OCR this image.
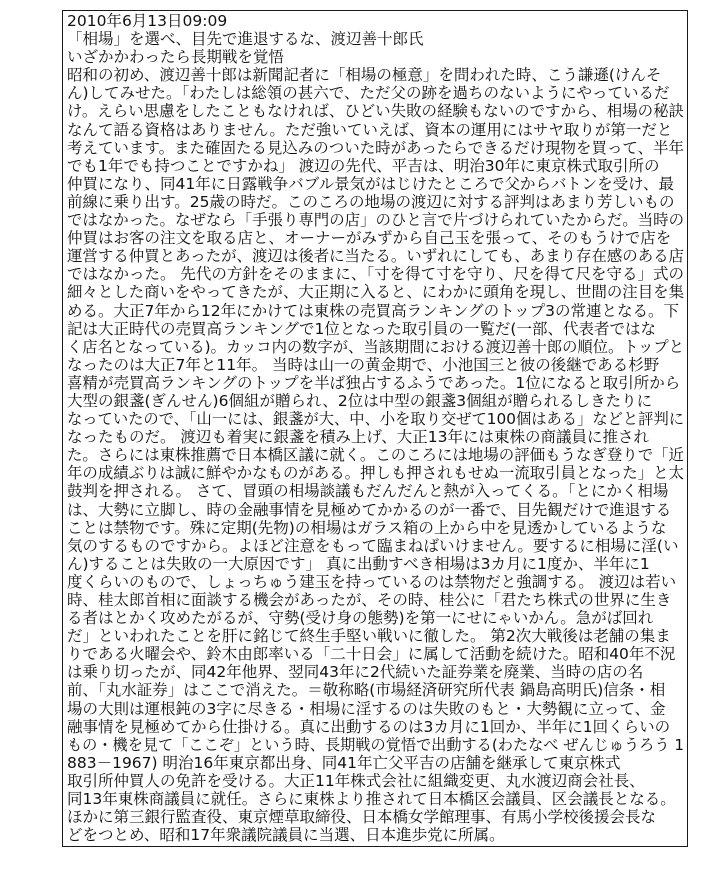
2010年6月13日09:09
「相場」を選べ、目先で進退するな、渡辺善十郎氏
いざかかわったら長期戦を覚悟
昭和の初め、渡辺善十郎は新聞記者に「相場の極意」を問われた時、こう謙遜(けんそ
ん)してみせた。「わたしは総領の甚六で、ただ父の跡を過ちのないようにやっているだ
け。えらい思慮をしたこともなければ、ひどい失敗の経験もないのですから、相場の秘訣
なんて語る資格はありません。ただ強いていえば、資本の運用にはサヤ取りが第一だと
考えています。また確固たる見込みのついた時があったらできるだけ現物を買って、半年
でも1年でも持つことですかね」 渡辺の先代、平吉は、明治30年に東京株式取引所の
仲買になり、同41年に日露戦争バブル景気がはじけたところで父からバトンを受け、最
前線に乗り出す。25歳の時だ。このころの地場の渡辺に対する評判はあまり芳しいもの
ではなかった。なぜなら「手張り専門の店」のひと言で片づけられていたからだ。当時の
仲買はお客の注文を取る店と、オーナーがみずから自己玉を張って、そのもうけで店を
運営する仲買とあったが、渡辺は後者に当たる。いずれにしても、あまり存在感のある店
ではなかった。 先代の方針をそのままに、「寸を得て寸を守り、尺を得て尺を守る」式の
細々とした商いをやってきたが、大正期に入ると、にわかに頭角を現し、世間の注目を集
める。大正7年から12年にかけては東株の売買高ランキングのトップ3の常連となる。下
記は大正時代の売買高ランキングで1位となった取引員の一覧だ(一部、代表者ではな
く店名となっている)。カッコ内の数字が、当該期間における渡辺善十郎の順位。トップと
なったのは大正7年と11年。 当時は山一の黄金期で、小池国三と彼の後継である杉野
喜精が売買高ランキングのトップを半ば独占するふうであった。1位になると取引所から
大型の銀盞(ぎんせん)6個組が贈られ、2位は中型の銀盞3個組が贈られるしきたりに
なっていたので、「山一には、銀盞が大、中、小を取り交ぜて100個はある」などと評判に
なったものだ。 渡辺も着実に銀盞を積み上げ、大正13年には東株の商議員に推され
た。さらには東株推薦で日本橋区議に就く。このころには地場の評価もうなぎ登りで「近
年の成績ぶりは誠に鮮やかなものがある。押しも押されもせぬ一流取引員となった」と太
鼓判を押される。 さて、冒頭の相場談議もだんだんと熱が入ってくる。「とにかく相場
は、大勢に立脚し、時の金融事情を見極めてかかるのが一番で、目先観だけで進退する
ことは禁物です。殊に定期(先物)の相場はガラス箱の上から中を見透かしているような
気のするものですから。よほど注意をもって臨まねばいけません。要するに相場に淫(い
ん)することは失敗の一大原因です」 真に出動すべき相場は3カ月に1度か、半年に1
度くらいのもので、しょっちゅう建玉を持っているのは禁物だと強調する。 渡辺は若い
時、桂太郎首相に面談する機会があったが、その時、桂公に「君たち株式の世界に生き
る者はとかく攻めたがるが、守勢(受け身の態勢)を第一にせにゃいかん。急がば回れ
だ」といわれたことを肝に銘じて終生手堅い戦いに徹した。 第2次大戦後は老舗の集ま
りである火曜会や、鈴木由郎率いる「二十日会」に属して活動を続けた。昭和40年不況
は乗り切ったが、同42年他界、翌同43年に2代続いた証券業を廃業、当時の店の名
前、「丸水証券」はここで消えた。＝敬称略(市場経済研究所代表 鍋島高明氏)信条・相
場の大則は運根鈍の3字に尽きる・相場に淫するのは失敗のもと・大勢観に立って、金
融事情を見極めてから仕掛ける。真に出動するのは3カ月に1回か、半年に1回くらいの
もの・機を見て「ここぞ」という時、長期戦の覚悟で出動する(わたなべ ぜんじゅうろう 1
883－1967) 明治16年東京都出身、同41年亡父平吉の店舗を継承して東京株式
取引所仲買人の免許を受ける。大正11年株式会社に組織変更、丸水渡辺商会社長、
同13年東株商議員に就任。さらに東株より推されて日本橋区会議員、区会議長となる。
ほかに第三銀行監査役、東京煙草取締役、日本橋女学館理事、有馬小学校後援会長な
どをつとめ、昭和17年衆議院議員に当選、日本進歩党に所属。
